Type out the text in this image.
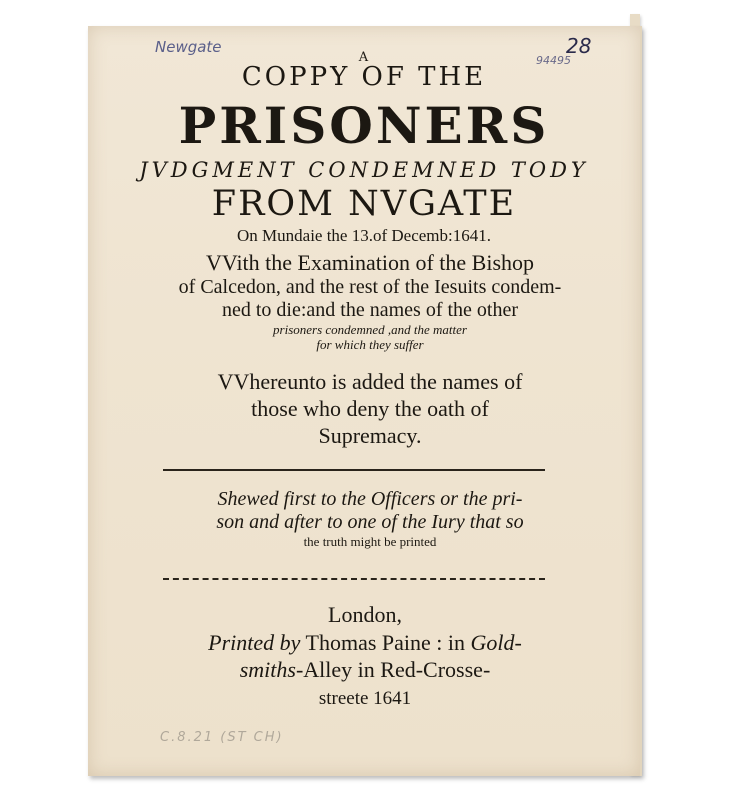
Newgate	28
94495
A
COPPY OF THE
PRISONERS
JVDGMENT CONDEMNED TODY
FROM NVGATE
On Mundaie the 13.of Decemb:1641.
VVith the Examination of the Bishop
of Calcedon, and the rest of the Iesuits condem-
ned to die:and the names of the other
prisoners condemned ,and the matter
for which they suffer
VVhereunto is added the names of
those who deny the oath of
Supremacy.
Shewed first to the Officers or the pri-
son and after to one of the Iury that so
the truth might be printed
London,
Printed by Thomas Paine : in Gold-
smiths-Alley in Red-Crosse-
streete 1641
C.8.21 (ST CH)
